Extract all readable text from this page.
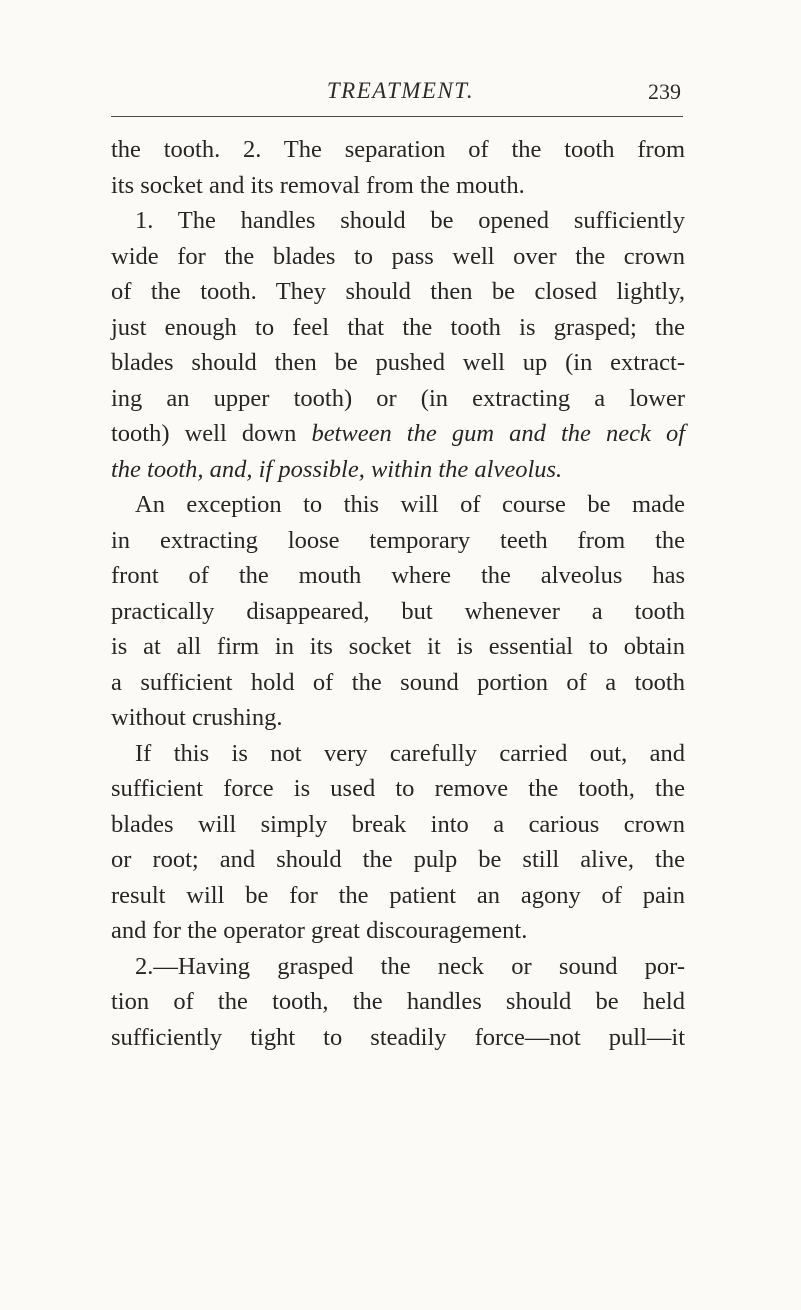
TREATMENT.	239
the tooth. 2. The separation of the tooth from
its socket and its removal from the mouth.
1. The handles should be opened sufficiently
wide for the blades to pass well over the crown
of the tooth. They should then be closed lightly,
just enough to feel that the tooth is grasped; the
blades should then be pushed well up (in extract-
ing an upper tooth) or (in extracting a lower
tooth) well down between the gum and the neck of
the tooth, and, if possible, within the alveolus.
An exception to this will of course be made
in extracting loose temporary teeth from the
front of the mouth where the alveolus has
practically disappeared, but whenever a tooth
is at all firm in its socket it is essential to obtain
a sufficient hold of the sound portion of a tooth
without crushing.
If this is not very carefully carried out, and
sufficient force is used to remove the tooth, the
blades will simply break into a carious crown
or root; and should the pulp be still alive, the
result will be for the patient an agony of pain
and for the operator great discouragement.
2.—Having grasped the neck or sound por-
tion of the tooth, the handles should be held
sufficiently tight to steadily force—not pull—it
